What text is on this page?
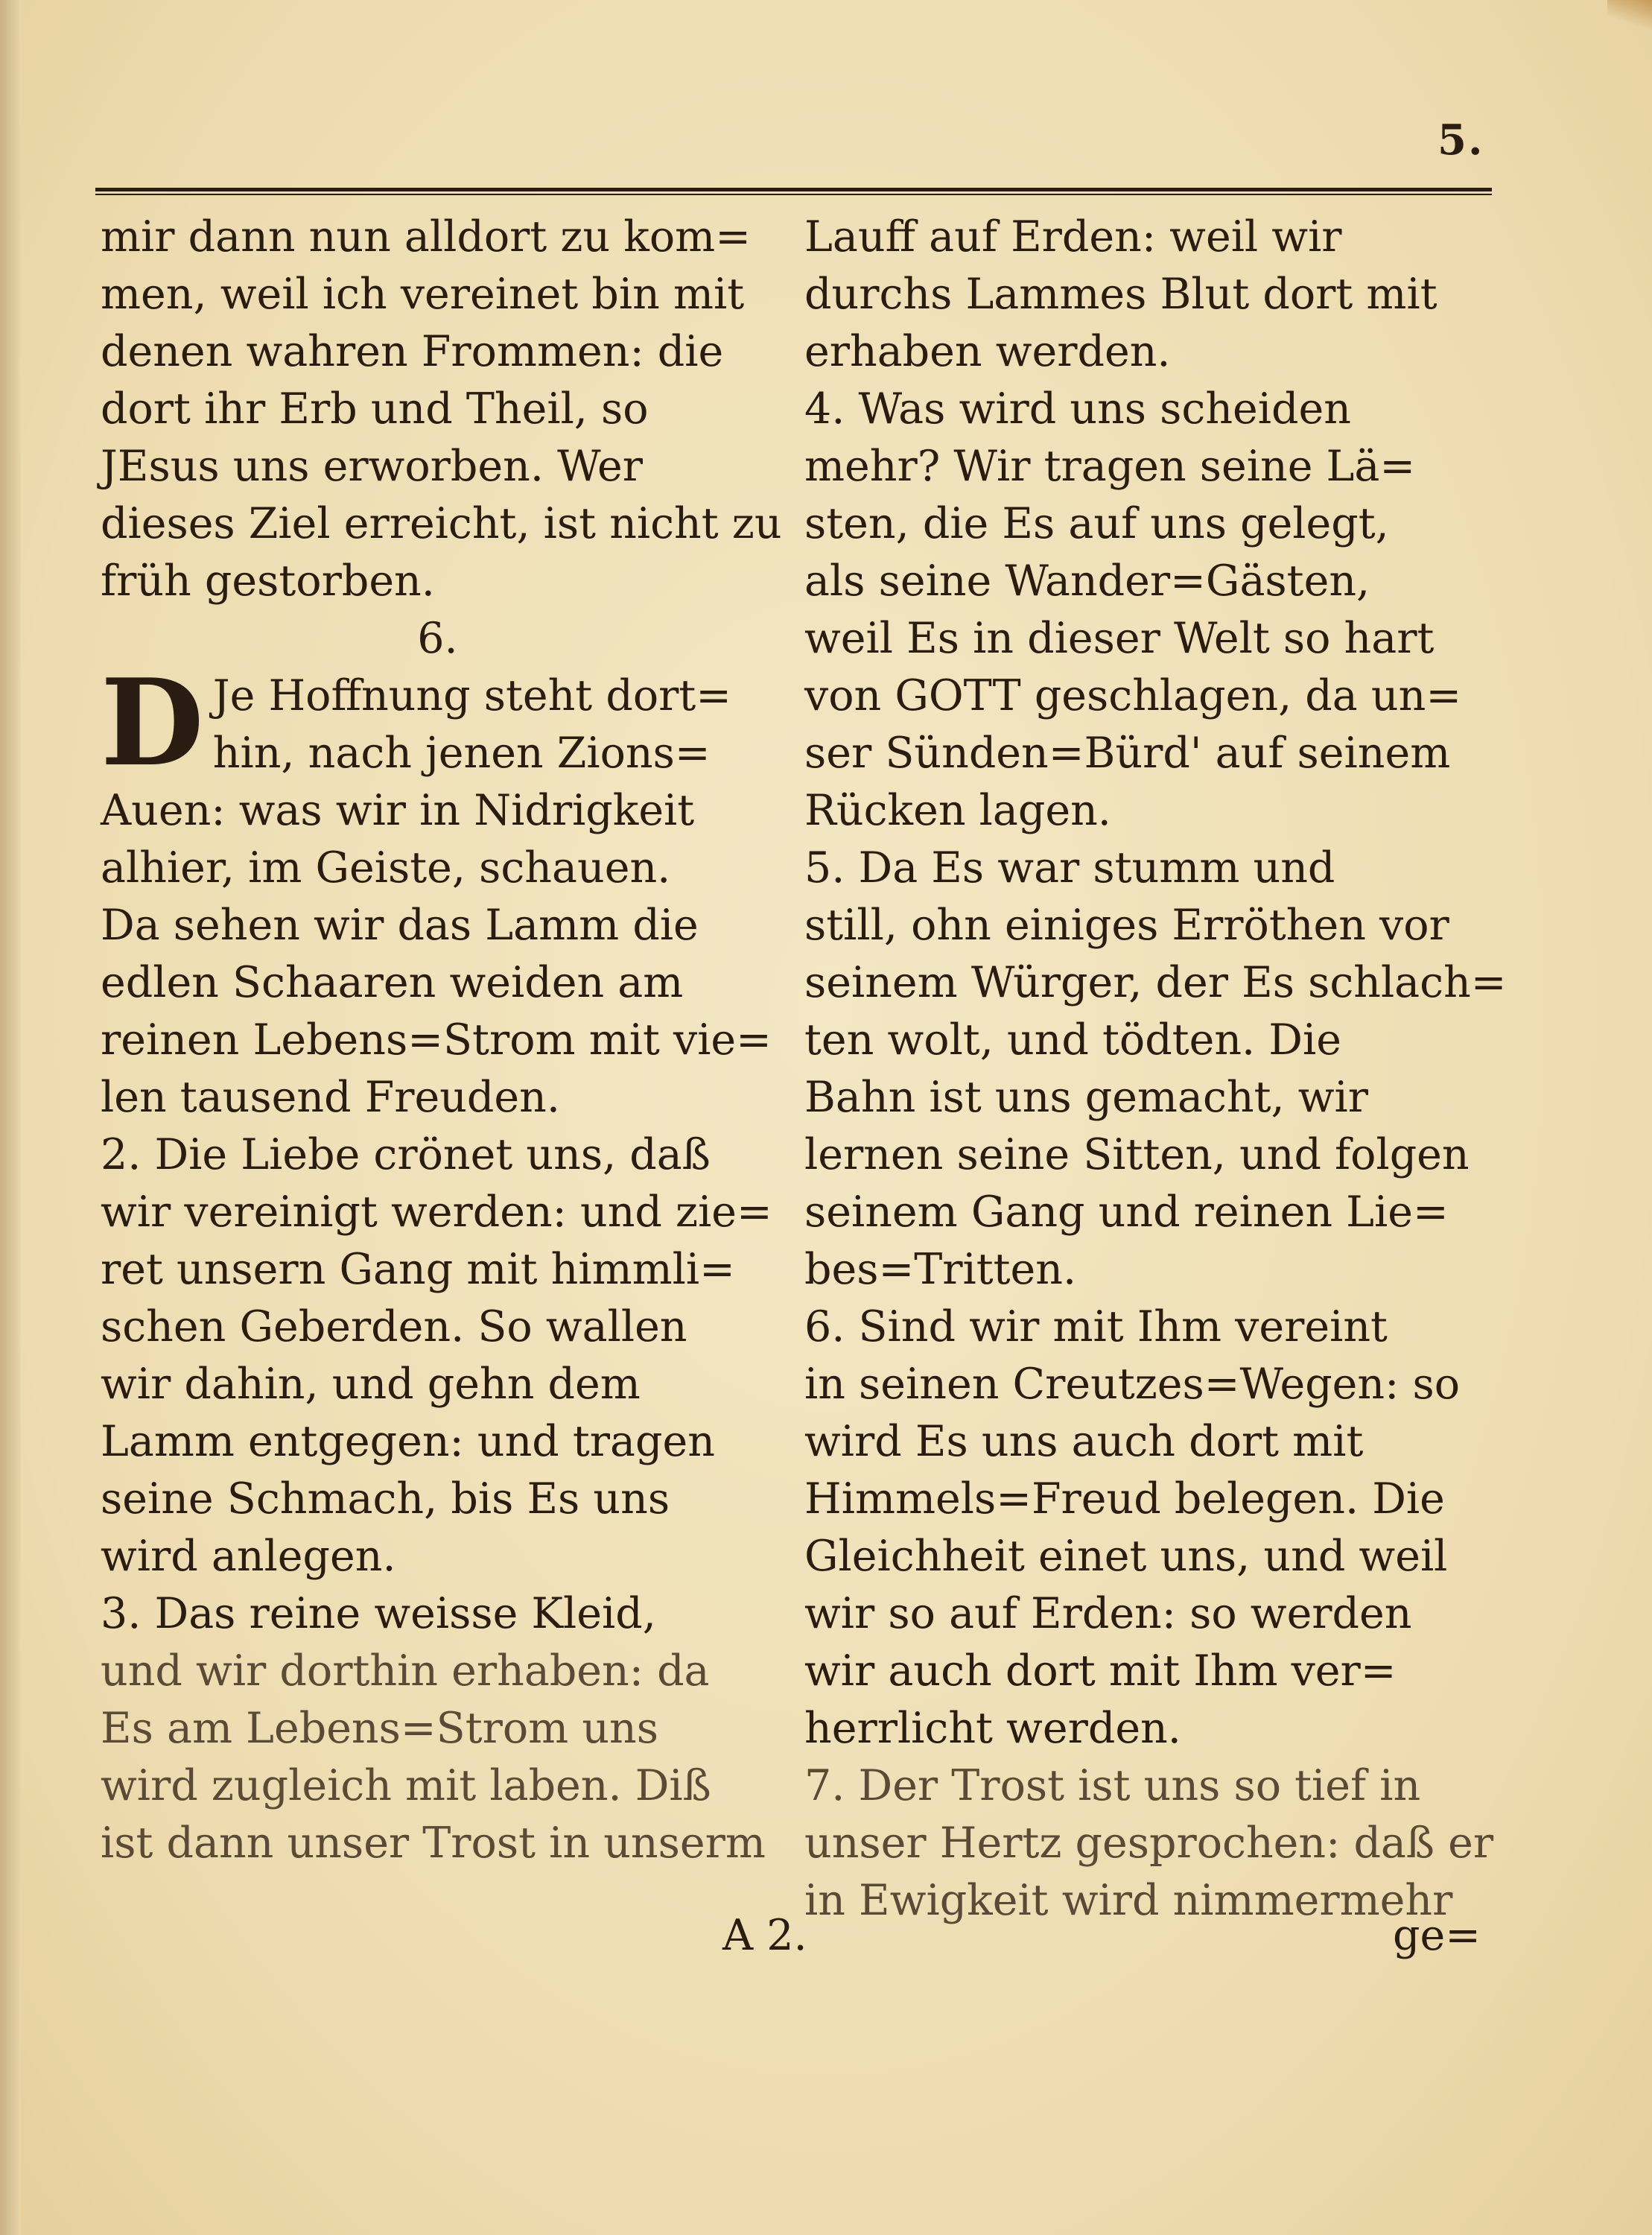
5.
mir dann nun alldort zu kom=
men, weil ich vereinet bin mit
denen wahren Frommen: die
dort ihr Erb und Theil, so
JEsus uns erworben. Wer
dieses Ziel erreicht, ist nicht zu
früh gestorben.
6.
D Je Hoffnung steht dort=
hin, nach jenen Zions=
Auen: was wir in Nidrigkeit
alhier, im Geiste, schauen.
Da sehen wir das Lamm die
edlen Schaaren weiden am
reinen Lebens=Strom mit vie=
len tausend Freuden.
2. Die Liebe crönet uns, daß
wir vereinigt werden: und zie=
ret unsern Gang mit himmli=
schen Geberden. So wallen
wir dahin, und gehn dem
Lamm entgegen: und tragen
seine Schmach, bis Es uns
wird anlegen.
3. Das reine weisse Kleid,
und wir dorthin erhaben: da
Es am Lebens=Strom uns
wird zugleich mit laben. Diß
ist dann unser Trost in unserm
Lauff auf Erden: weil wir
durchs Lammes Blut dort mit
erhaben werden.
4. Was wird uns scheiden
mehr? Wir tragen seine Lä=
sten, die Es auf uns gelegt,
als seine Wander=Gästen,
weil Es in dieser Welt so hart
von GOTT geschlagen, da un=
ser Sünden=Bürd' auf seinem
Rücken lagen.
5. Da Es war stumm und
still, ohn einiges Erröthen vor
seinem Würger, der Es schlach=
ten wolt, und tödten. Die
Bahn ist uns gemacht, wir
lernen seine Sitten, und folgen
seinem Gang und reinen Lie=
bes=Tritten.
6. Sind wir mit Ihm vereint
in seinen Creutzes=Wegen: so
wird Es uns auch dort mit
Himmels=Freud belegen. Die
Gleichheit einet uns, und weil
wir so auf Erden: so werden
wir auch dort mit Ihm ver=
herrlicht werden.
7. Der Trost ist uns so tief in
unser Hertz gesprochen: daß er
in Ewigkeit wird nimmermehr
A 2.	ge=
